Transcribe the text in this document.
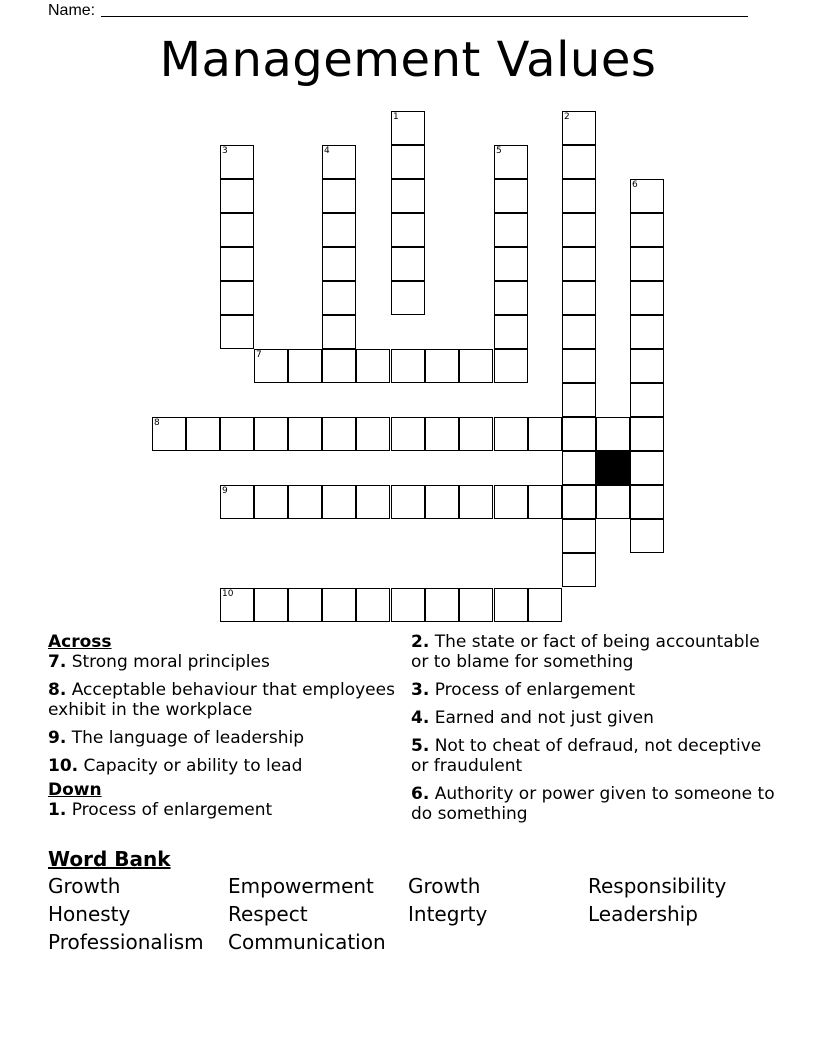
Name:
Management Values
1	2
3	4	5
6
7
8
9
10

Across

7. Strong moral principles

8. Acceptable behaviour that employees exhibit in the workplace

9. The language of leadership

10. Capacity or ability to lead

Down

1. Process of enlargement

2. The state or fact of being accountable or to blame for something

3. Process of enlargement

4. Earned and not just given

5. Not to cheat of defraud, not deceptive or fraudulent

6. Authority or power given to someone to do something

Word Bank
Growth	Empowerment	Growth	Responsibility
Honesty	Respect	Integrty	Leadership
Professionalism	Communication
